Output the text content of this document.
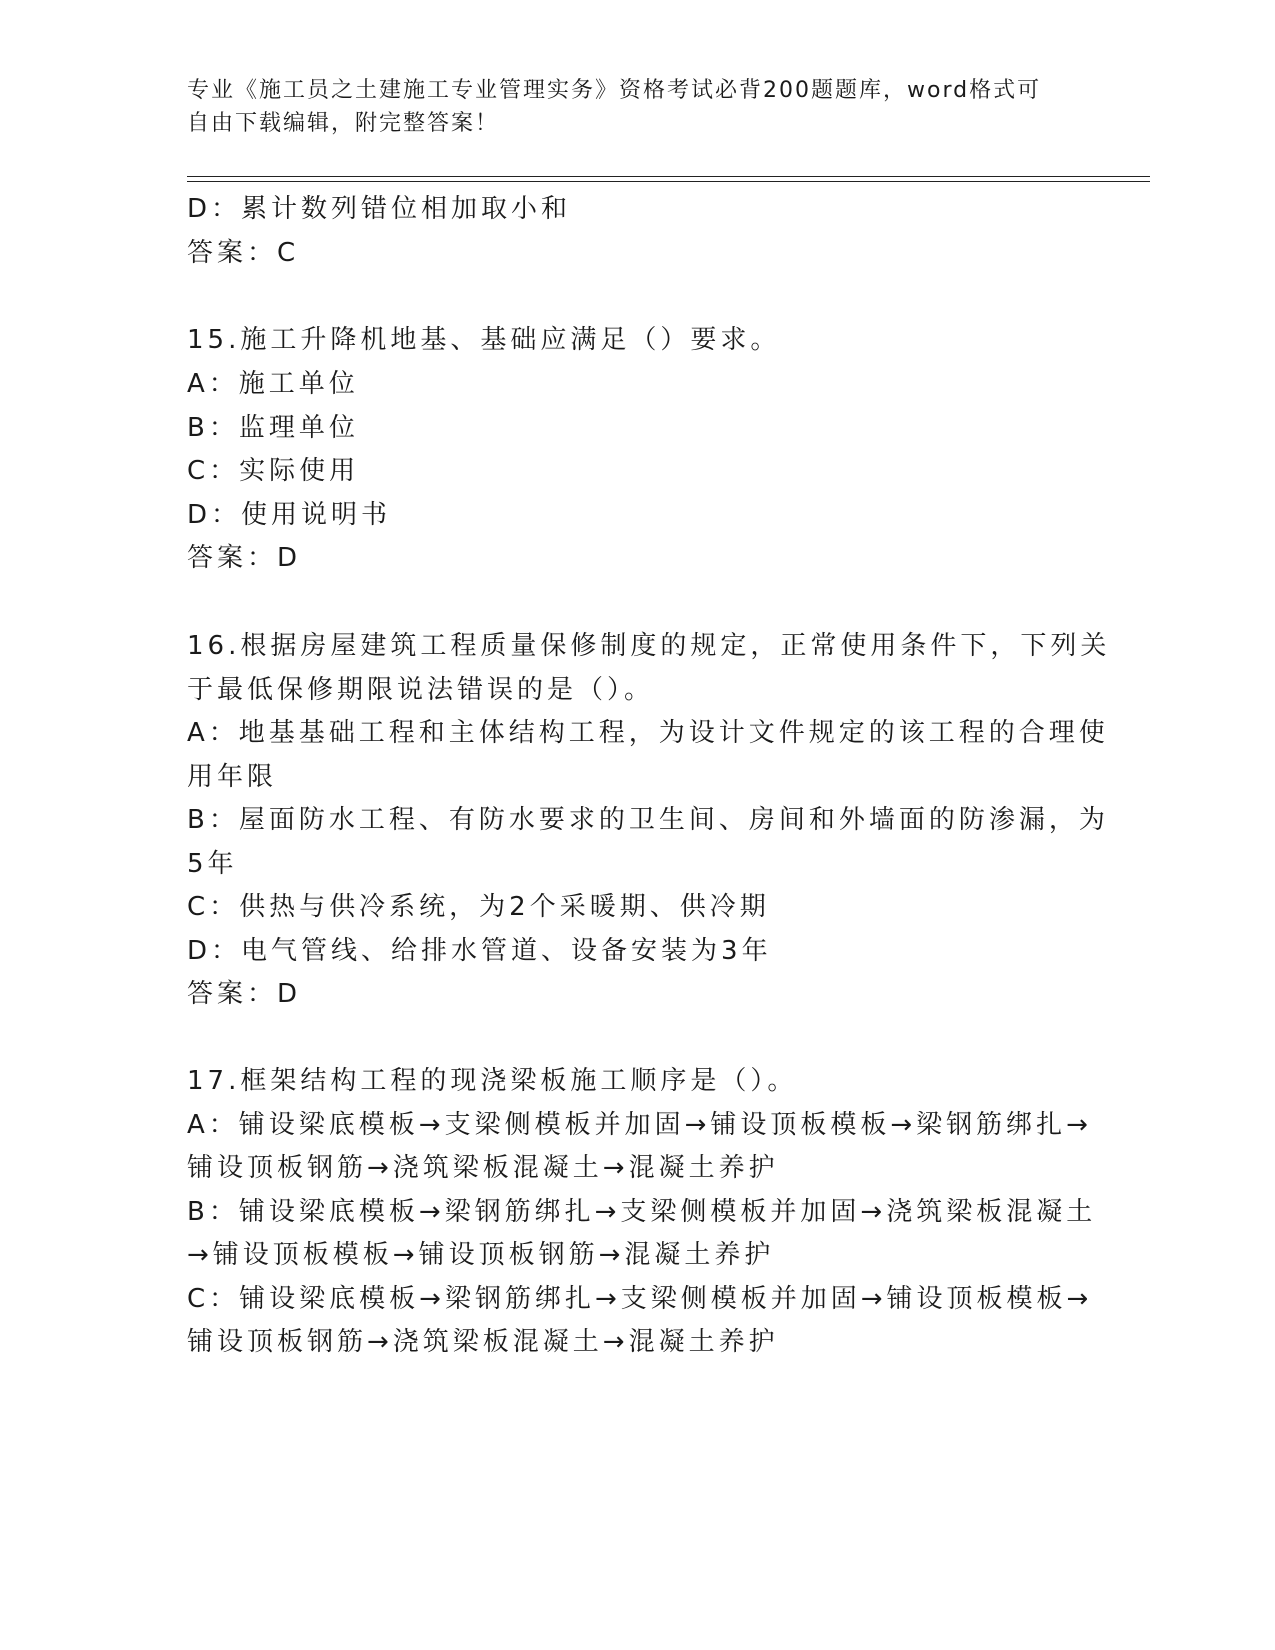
专业《施工员之土建施工专业管理实务》资格考试必背200题题库，word格式可
自由下载编辑，附完整答案！
D：累计数列错位相加取小和
答案：C
15.施工升降机地基、基础应满足（）要求。
A：施工单位
B：监理单位
C：实际使用
D：使用说明书
答案：D
16.根据房屋建筑工程质量保修制度的规定，正常使用条件下，下列关
于最低保修期限说法错误的是（）。
A：地基基础工程和主体结构工程，为设计文件规定的该工程的合理使
用年限
B：屋面防水工程、有防水要求的卫生间、房间和外墙面的防渗漏，为
5年
C：供热与供冷系统，为2个采暖期、供冷期
D：电气管线、给排水管道、设备安装为3年
答案：D
17.框架结构工程的现浇梁板施工顺序是（）。
A：铺设梁底模板→支梁侧模板并加固→铺设顶板模板→梁钢筋绑扎→
铺设顶板钢筋→浇筑梁板混凝土→混凝土养护
B：铺设梁底模板→梁钢筋绑扎→支梁侧模板并加固→浇筑梁板混凝土
→铺设顶板模板→铺设顶板钢筋→混凝土养护
C：铺设梁底模板→梁钢筋绑扎→支梁侧模板并加固→铺设顶板模板→
铺设顶板钢筋→浇筑梁板混凝土→混凝土养护
